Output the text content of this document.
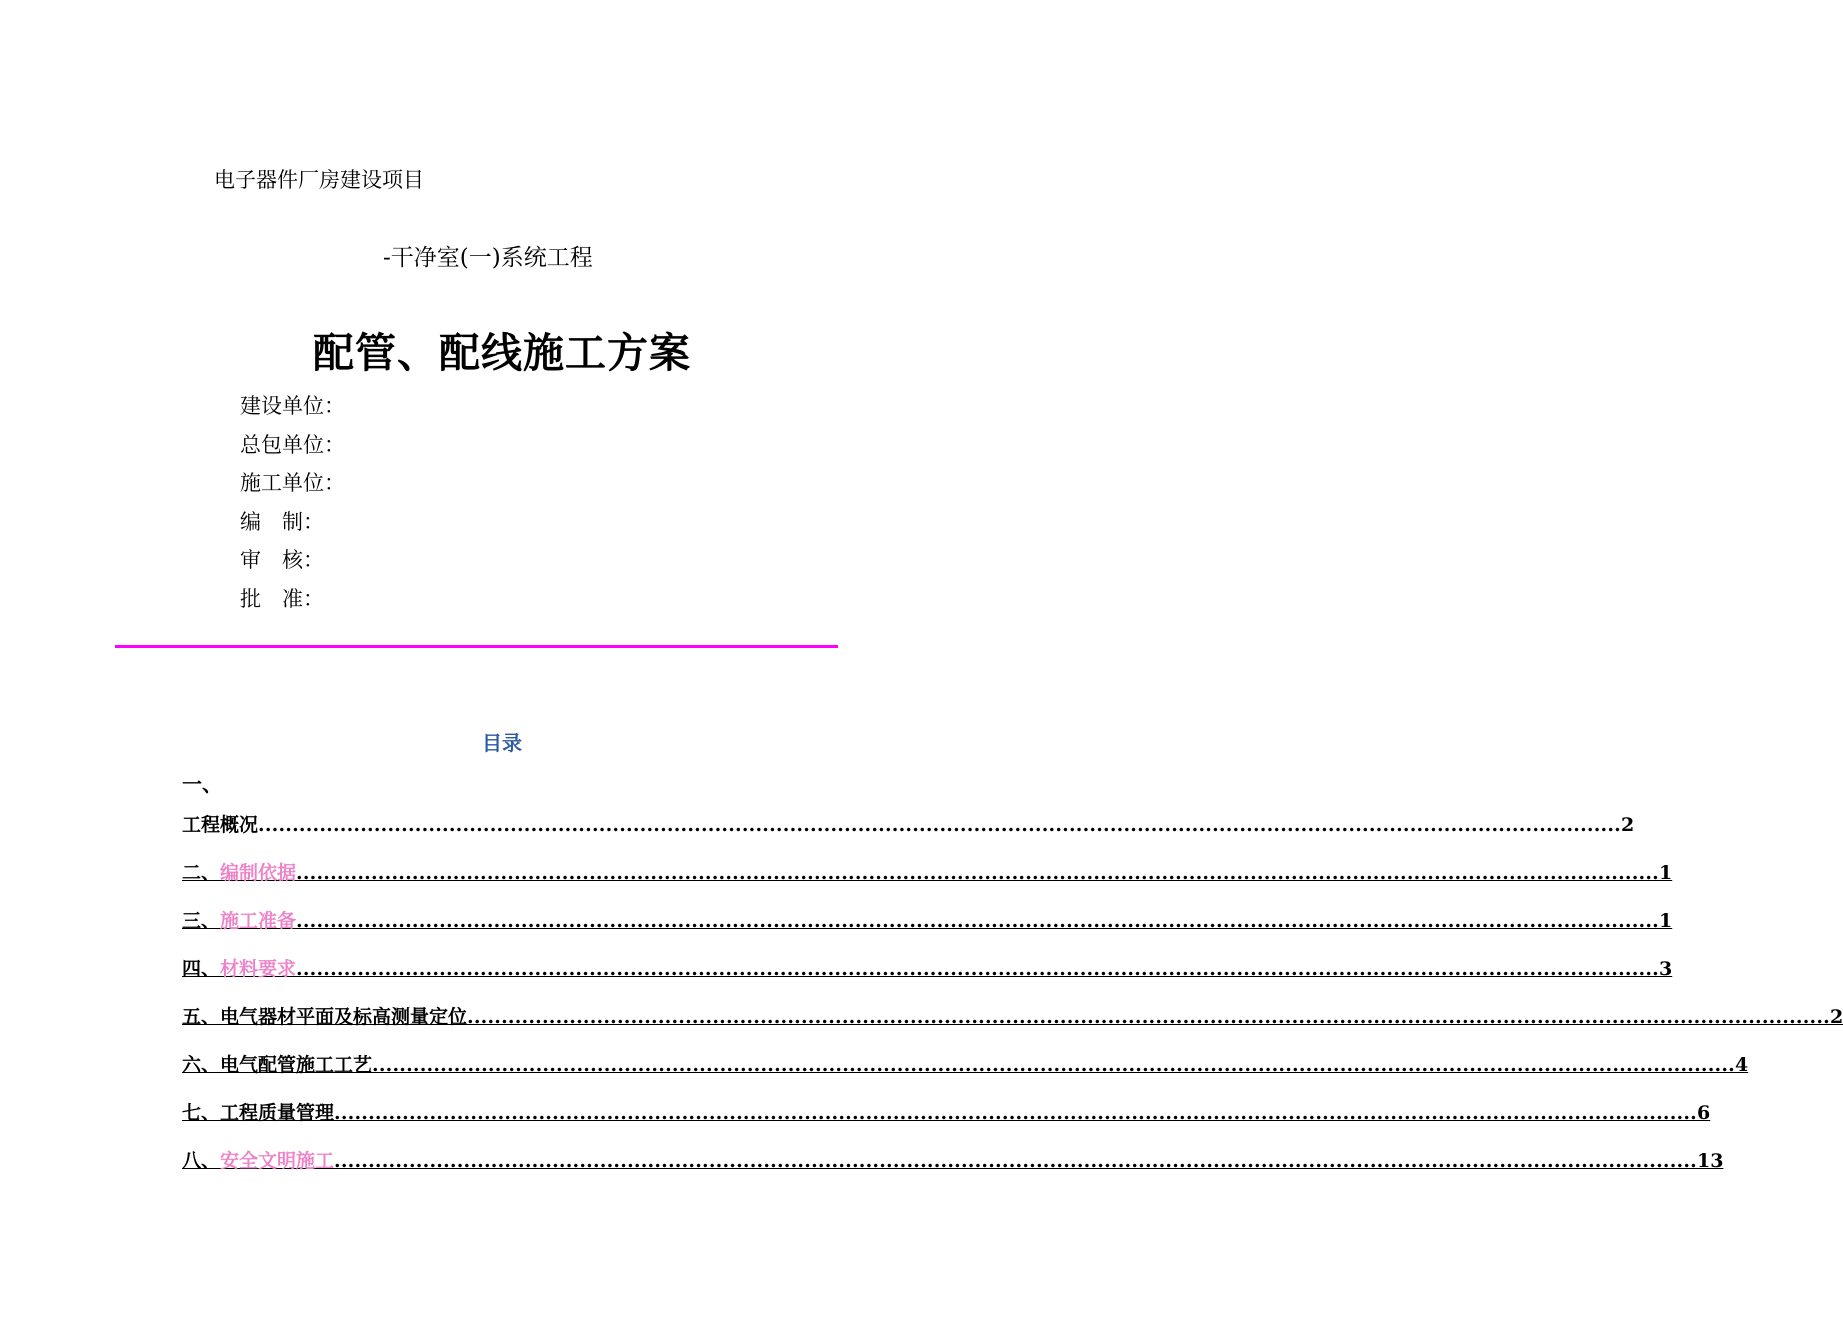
电子器件厂房建设项目
-干净室(一)系统工程
配管、配线施工方案
建设单位：
总包单位：
施工单位：
编　制：
审　核：
批　准：
目录
一、
工程概况 ........................................................................................................................................................................................................ 2
二、编制依据 ........................................................................................................................................................................................................ 1
三、施工准备 ........................................................................................................................................................................................................ 1
四、材料要求 ........................................................................................................................................................................................................ 3
五、电气器材平面及标高测量定位 ........................................................................................................................................................................................................ 2
六、电气配管施工工艺 ........................................................................................................................................................................................................ 4
七、工程质量管理 ........................................................................................................................................................................................................ 6
八、安全文明施工 ........................................................................................................................................................................................................ 13
